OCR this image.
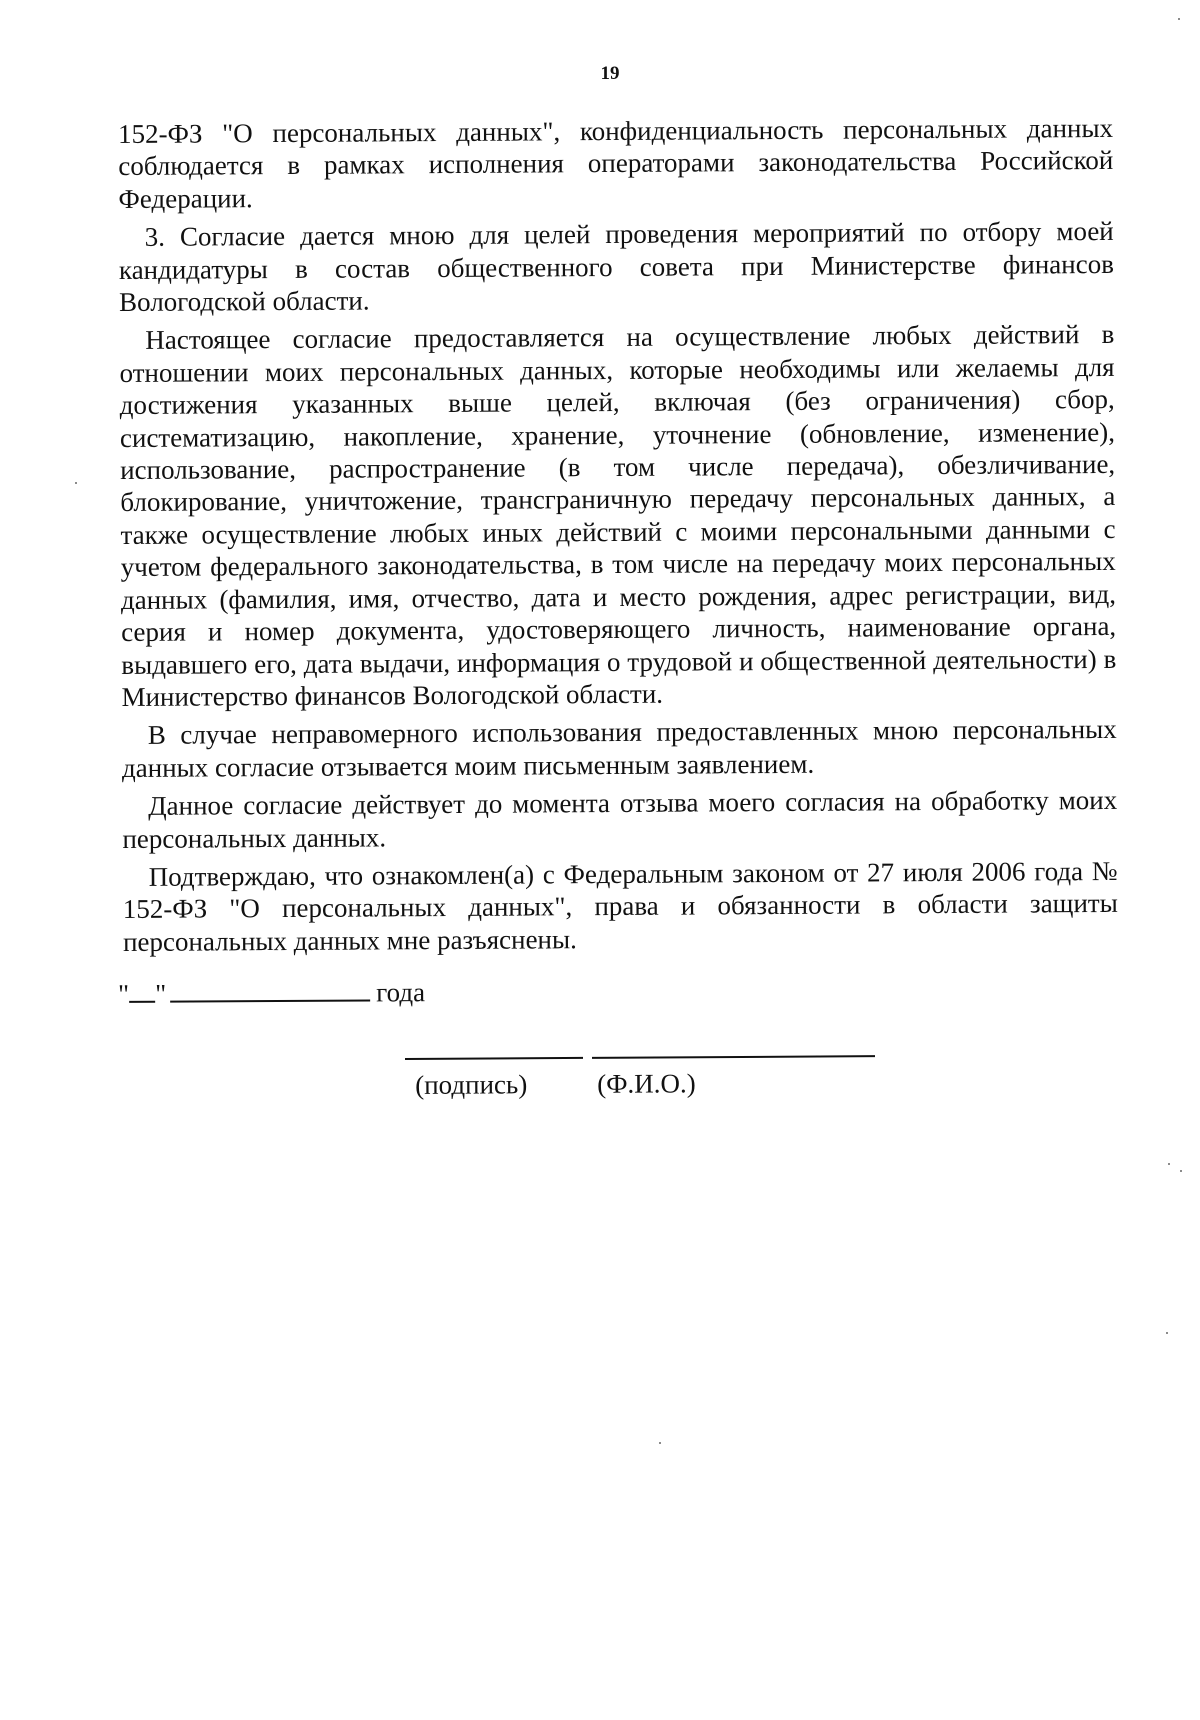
19

152-ФЗ "О персональных данных", конфиденциальность персональных данных соблюдается в рамках исполнения операторами законодательства Российской Федерации.

3. Согласие дается мною для целей проведения мероприятий по отбору моей кандидатуры в состав общественного совета при Министерстве финансов Вологодской области.

Настоящее согласие предоставляется на осуществление любых действий в отношении моих персональных данных, которые необходимы или желаемы для достижения указанных выше целей, включая (без ограничения) сбор, систематизацию, накопление, хранение, уточнение (обновление, изменение), использование, распространение (в том числе передача), обезличивание, блокирование, уничтожение, трансграничную передачу персональных данных, а также осуществление любых иных действий с моими персональными данными с учетом федерального законодательства, в том числе на передачу моих персональных данных (фамилия, имя, отчество, дата и место рождения, адрес регистрации, вид, серия и номер документа, удостоверяющего личность, наименование органа, выдавшего его, дата выдачи, информация о трудовой и общественной деятельности) в Министерство финансов Вологодской области.

В случае неправомерного использования предоставленных мною персональных данных согласие отзывается моим письменным заявлением.

Данное согласие действует до момента отзыва моего согласия на обработку моих персональных данных.

Подтверждаю, что ознакомлен(а) с Федеральным законом от 27 июля 2006 года № 152-ФЗ "О персональных данных", права и обязанности в области защиты персональных данных мне разъяснены.

" "	года
(подпись)	(Ф.И.О.)
